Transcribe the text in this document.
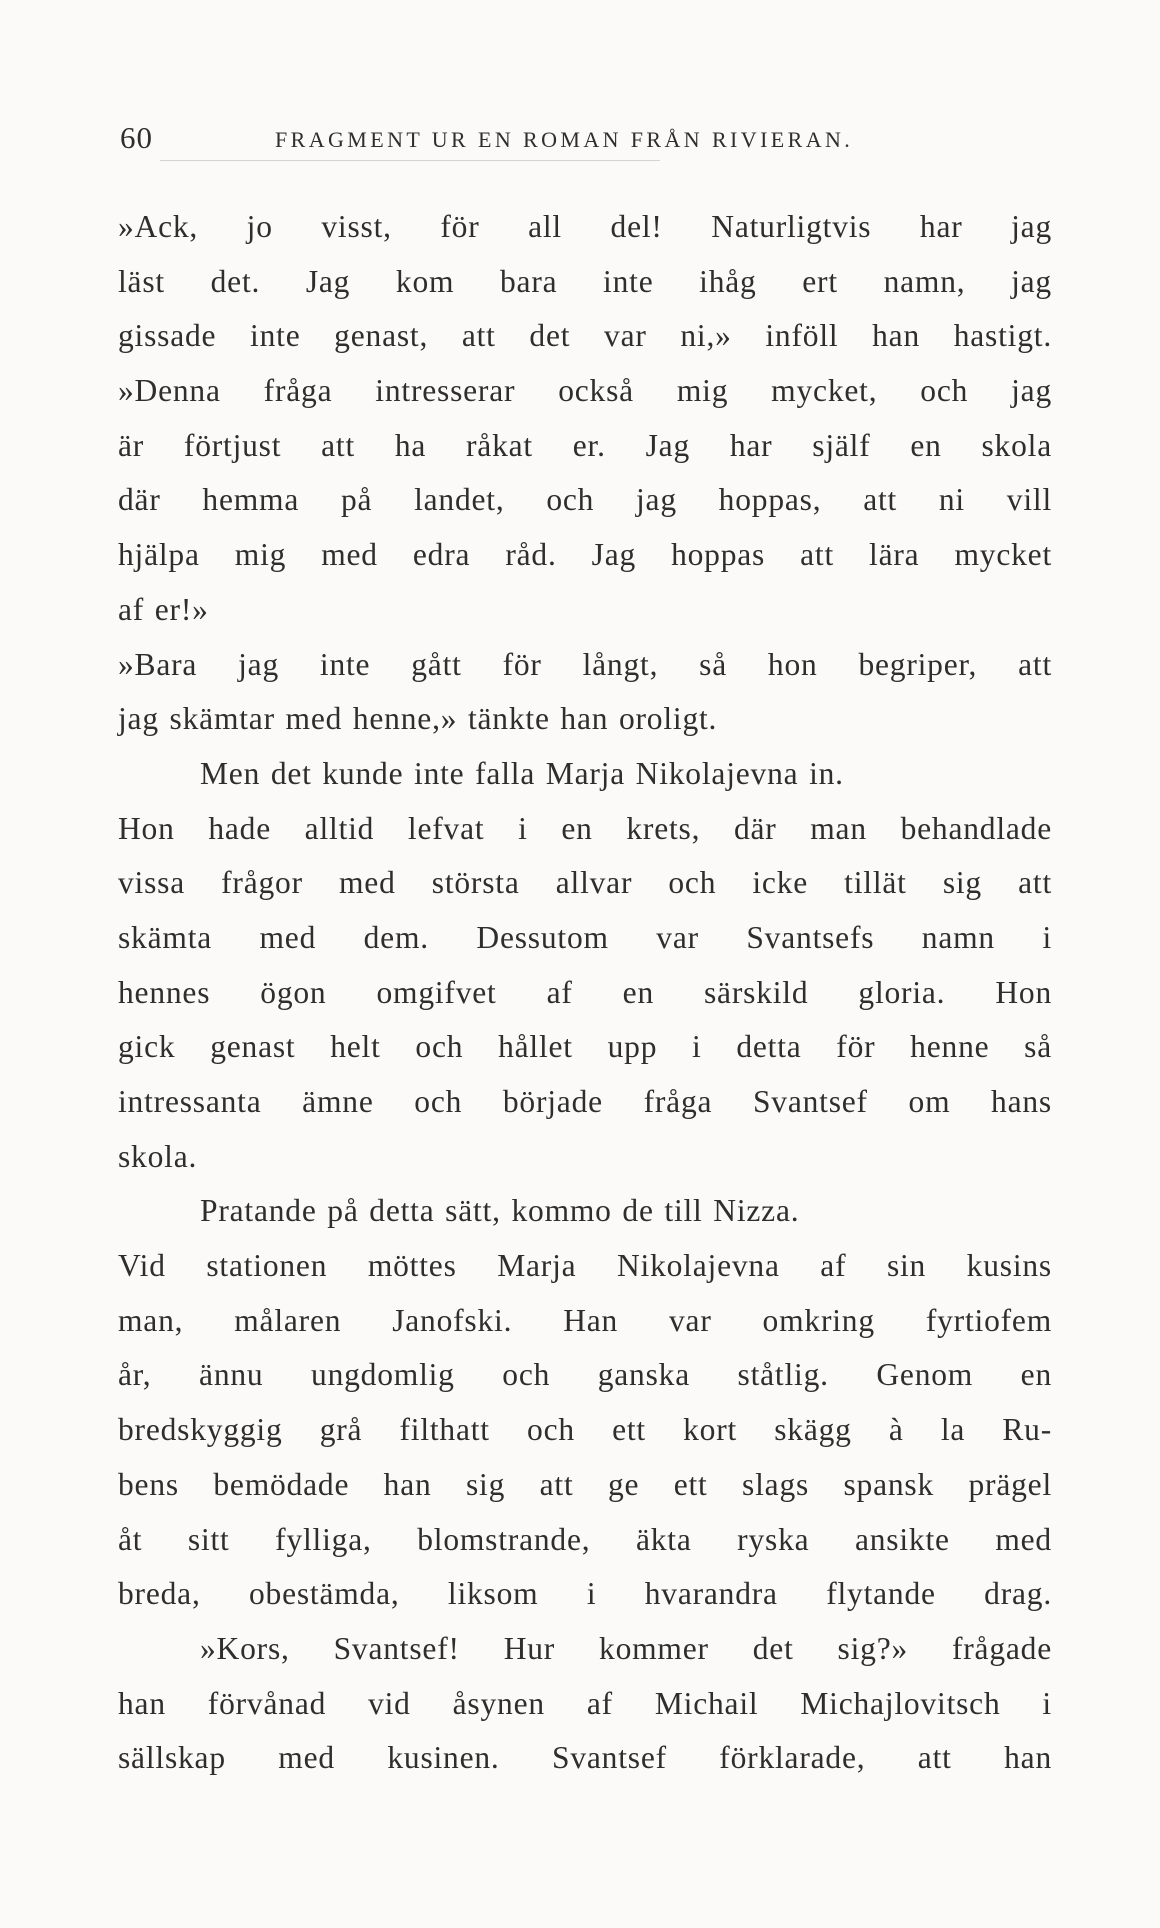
60	FRAGMENT UR EN ROMAN FRÅN RIVIERAN.
»Ack, jo visst, för all del! Naturligtvis har jag
läst det. Jag kom bara inte ihåg ert namn, jag
gissade inte genast, att det var ni,» inföll han hastigt.
»Denna fråga intresserar också mig mycket, och jag
är förtjust att ha råkat er. Jag har själf en skola
där hemma på landet, och jag hoppas, att ni vill
hjälpa mig med edra råd. Jag hoppas att lära mycket
af er!»
»Bara jag inte gått för långt, så hon begriper, att
jag skämtar med henne,» tänkte han oroligt.
Men det kunde inte falla Marja Nikolajevna in.
Hon hade alltid lefvat i en krets, där man behandlade
vissa frågor med största allvar och icke tillät sig att
skämta med dem. Dessutom var Svantsefs namn i
hennes ögon omgifvet af en särskild gloria. Hon
gick genast helt och hållet upp i detta för henne så
intressanta ämne och började fråga Svantsef om hans
skola.
Pratande på detta sätt, kommo de till Nizza.
Vid stationen möttes Marja Nikolajevna af sin kusins
man, målaren Janofski. Han var omkring fyrtiofem
år, ännu ungdomlig och ganska ståtlig. Genom en
bredskyggig grå filthatt och ett kort skägg à la Ru-
bens bemödade han sig att ge ett slags spansk prägel
åt sitt fylliga, blomstrande, äkta ryska ansikte med
breda, obestämda, liksom i hvarandra flytande drag.
»Kors, Svantsef! Hur kommer det sig?» frågade
han förvånad vid åsynen af Michail Michajlovitsch i
sällskap med kusinen. Svantsef förklarade, att han
